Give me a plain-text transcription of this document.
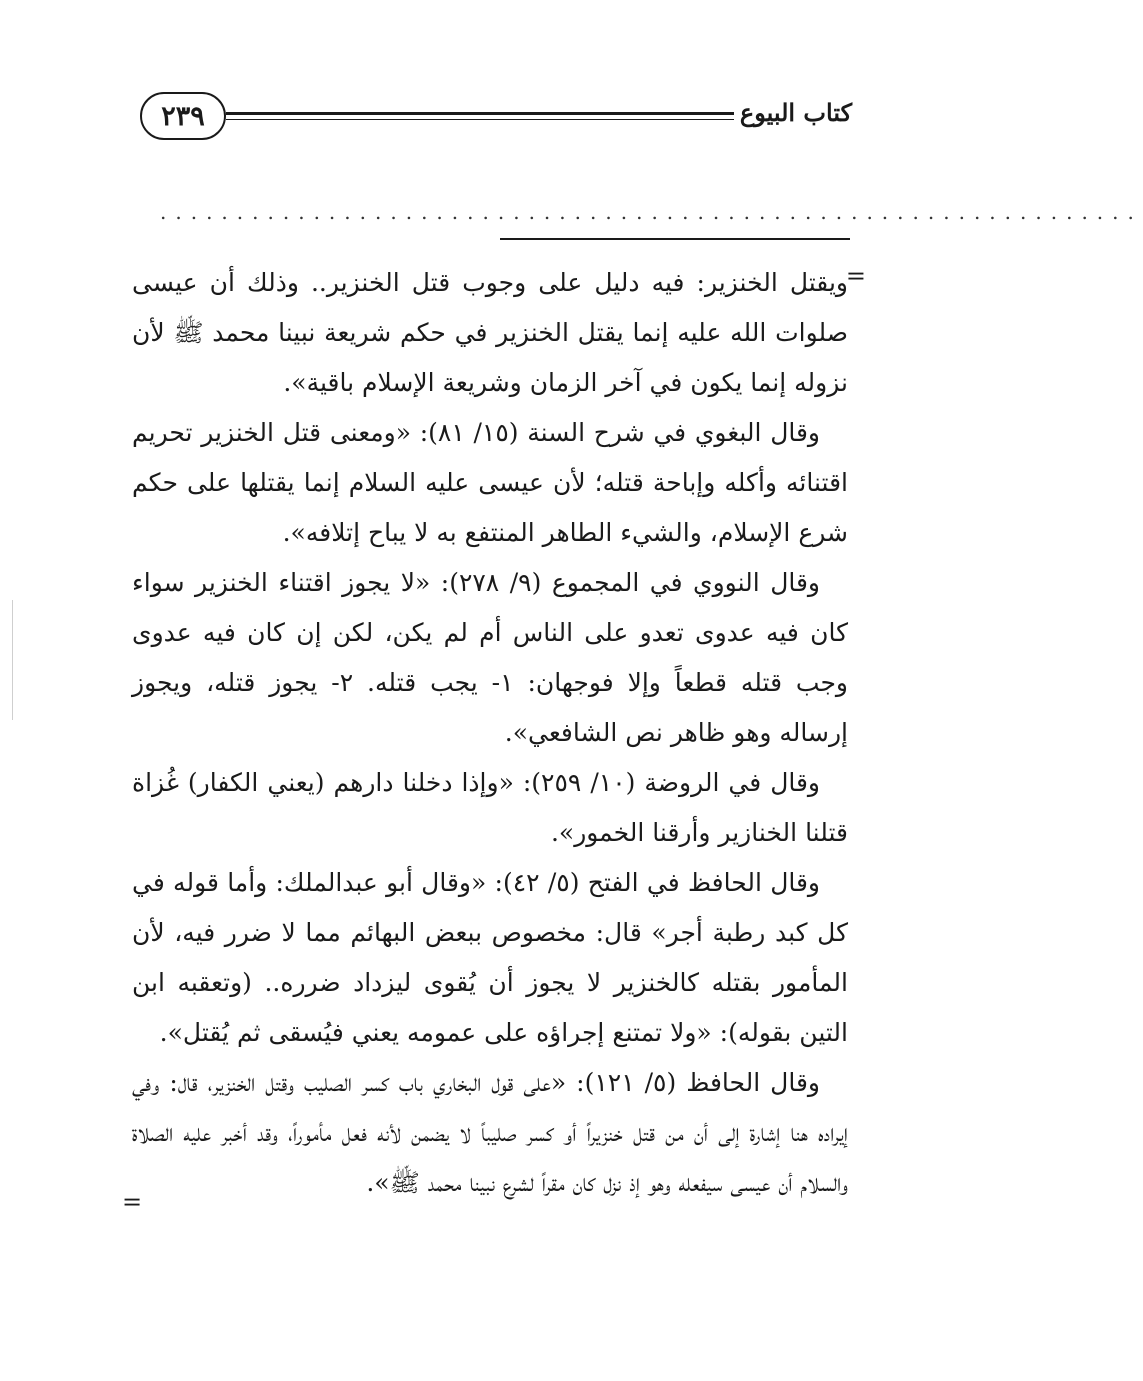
٢٣٩	كتاب البيوع
................................................................
=

ويقتل الخنزير: فيه دليل على وجوب قتل الخنزير.. وذلك أن عيسى صلوات الله عليه إنما يقتل الخنزير في حكم شريعة نبينا محمد ﷺ لأن نزوله إنما يكون في آخر الزمان وشريعة الإسلام باقية».

وقال البغوي في شرح السنة (١٥/ ٨١): «ومعنى قتل الخنزير تحريم اقتنائه وأكله وإباحة قتله؛ لأن عيسى عليه السلام إنما يقتلها على حكم شرع الإسلام، والشيء الطاهر المنتفع به لا يباح إتلافه».

وقال النووي في المجموع (٩/ ٢٧٨): «لا يجوز اقتناء الخنزير سواء كان فيه عدوى تعدو على الناس أم لم يكن، لكن إن كان فيه عدوى وجب قتله قطعاً وإلا فوجهان: ١- يجب قتله. ٢- يجوز قتله، ويجوز إرساله وهو ظاهر نص الشافعي».

وقال في الروضة (١٠/ ٢٥٩): «وإذا دخلنا دارهم (يعني الكفار) غُزاة قتلنا الخنازير وأرقنا الخمور».

وقال الحافظ في الفتح (٥/ ٤٢): «وقال أبو عبدالملك: وأما قوله في كل كبد رطبة أجر» قال: مخصوص ببعض البهائم مما لا ضرر فيه، لأن المأمور بقتله كالخنزير لا يجوز أن يُقوى ليزداد ضرره.. (وتعقبه ابن التين بقوله): «ولا تمتنع إجراؤه على عمومه يعني فيُسقى ثم يُقتل».

وقال الحافظ (٥/ ١٢١): «على قول البخاري باب كسر الصليب وقتل الخنزير، قال: وفي إيراده هنا إشارة إلى أن من قتل خنزيراً أو كسر صليباً لا يضمن لأنه فعل مأموراً، وقد أخبر عليه الصلاة والسلام أن عيسى سيفعله وهو إذ نزل كان مقراً لشرع نبينا محمد ﷺ».

=
